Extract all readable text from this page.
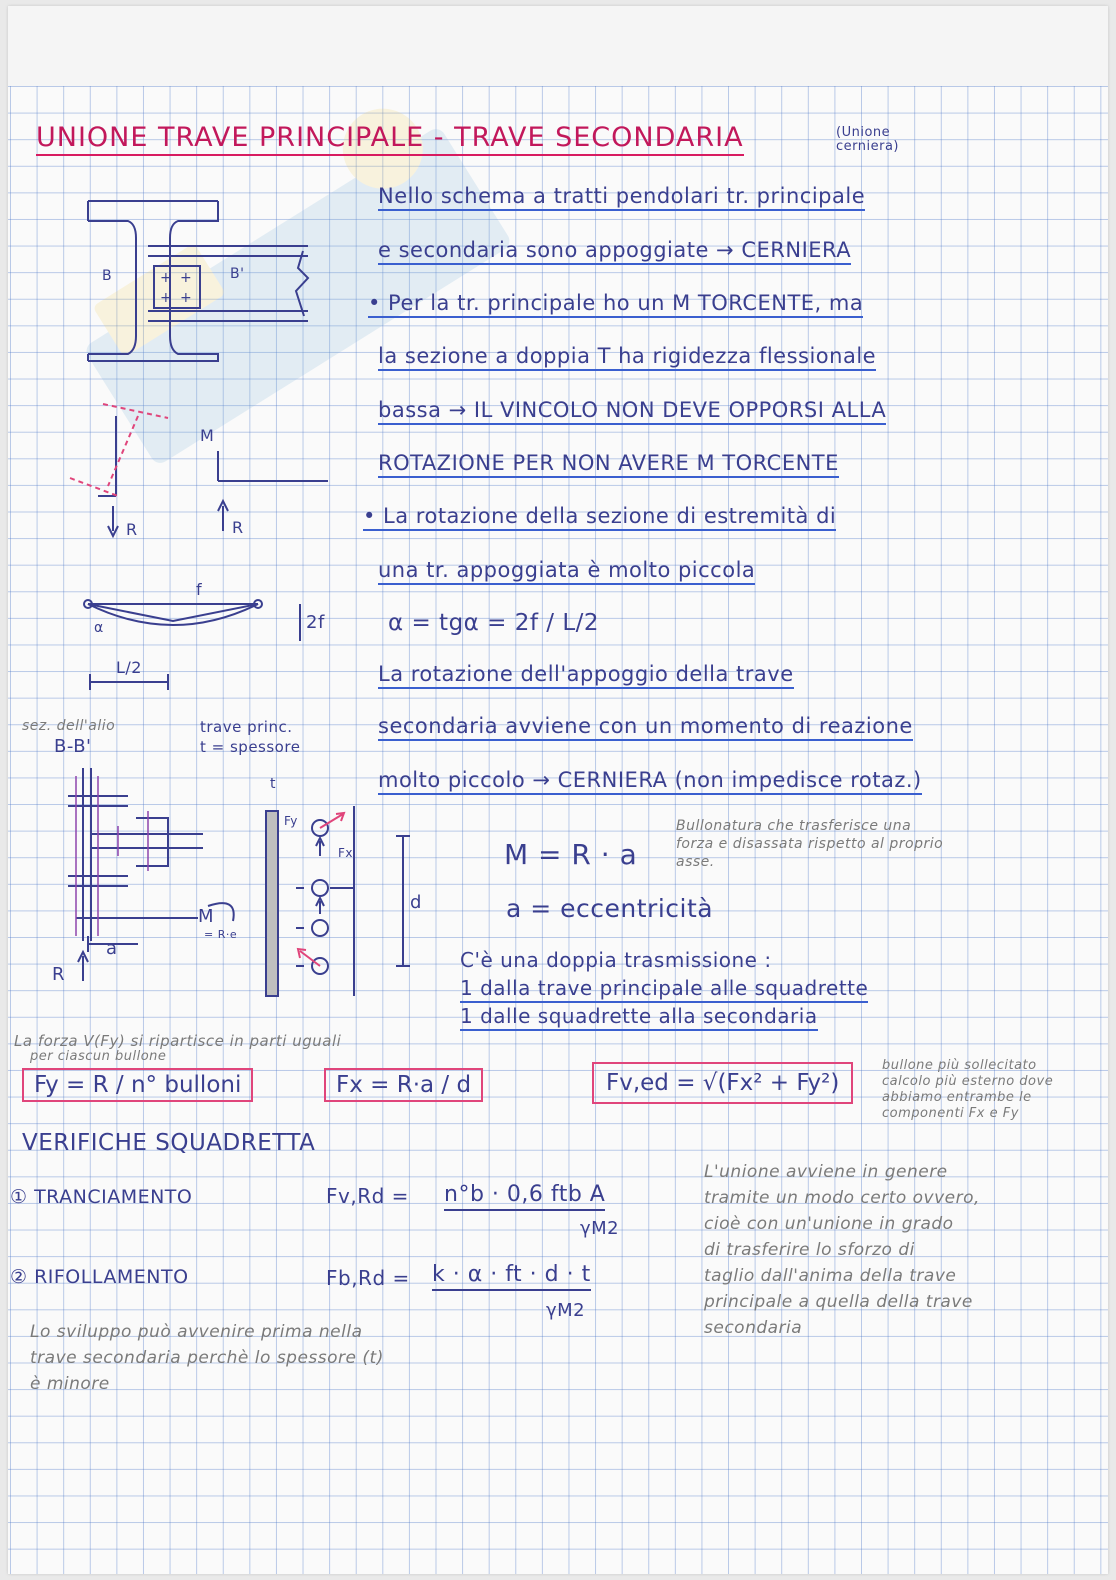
UNIONE TRAVE PRINCIPALE - TRAVE SECONDARIA	(Unione cerniera)
Nello schema a tratti pendolari tr. principale
e secondaria sono appoggiate → CERNIERA
• Per la tr. principale ho un M TORCENTE, ma
la sezione a doppia T ha rigidezza flessionale
bassa → IL VINCOLO NON DEVE OPPORSI ALLA
ROTAZIONE PER NON AVERE M TORCENTE
• La rotazione della sezione di estremità di
una tr. appoggiata è molto piccola
α = tgα = 2f / L/2
La rotazione dell'appoggio della trave
secondaria avviene con un momento di reazione
molto piccolo → CERNIERA (non impedisce rotaz.)
M = R · a
a = eccentricità
Bullonatura che trasferisce una
forza e disassata rispetto al proprio
asse.
C'è una doppia trasmissione :
1 dalla trave principale alle squadrette
1 dalle squadrette alla secondaria
La forza V(Fy) si ripartisce in parti uguali
per ciascun bullone
Fy = R / n° bulloni	Fx = R·a / d	Fv,ed = √(Fx² + Fy²)
bullone più sollecitato
calcolo più esterno dove
abbiamo entrambe le
componenti Fx e Fy
VERIFICHE SQUADRETTA
① TRANCIAMENTO	Fv,Rd = n°b · 0,6 ftb A
γM2
② RIFOLLAMENTO	Fb,Rd = k · α · ft · d · t
γM2
L'unione avviene in genere
tramite un modo certo ovvero,
cioè con un'unione in grado
di trasferire lo sforzo di
taglio dall'anima della trave
principale a quella della trave
secondaria
Lo sviluppo può avvenire prima nella
trave secondaria perchè lo spessore (t)
è minore
+ +
+ +
B	B'
M
R	R
f
2f
L/2
α
sez. dell'alio
B-B'
trave princ.
t = spessore
t
Fy
Fx
d
a
M
= R·e
R
